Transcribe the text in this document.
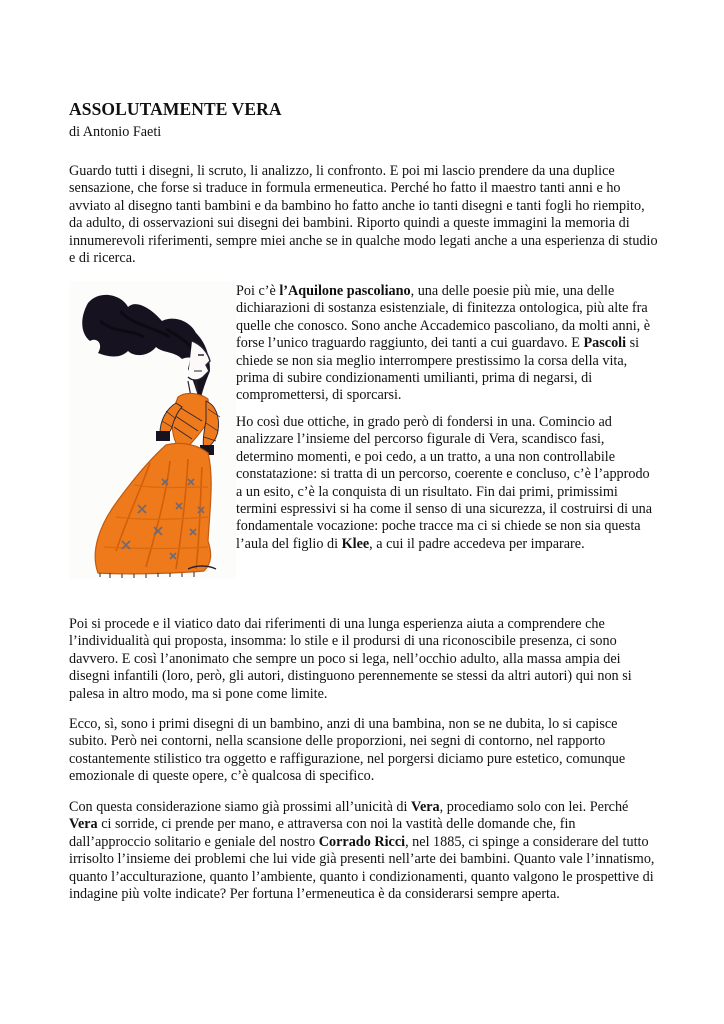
ASSOLUTAMENTE VERA
di Antonio Faeti

Guardo tutti i disegni, li scruto, li analizzo, li confronto. E poi mi lascio prendere da una duplice sensazione, che forse si traduce in formula ermeneutica. Perché ho fatto il maestro tanti anni e ho avviato al disegno tanti bambini e da bambino ho fatto anche io tanti disegni e tanti fogli ho riempito, da adulto, di osservazioni sui disegni dei bambini. Riporto quindi a queste immagini la memoria di innumerevoli riferimenti, sempre miei anche se in qualche modo legati anche a una esperienza di studio e di ricerca.

Poi c’è l’Aquilone pascoliano, una delle poesie più mie, una delle dichiarazioni di sostanza esistenziale, di finitezza ontologica, più alte fra quelle che conosco. Sono anche Accademico pascoliano, da molti anni, è forse l’unico traguardo raggiunto, dei tanti a cui guardavo. E Pascoli si chiede se non sia meglio interrompere prestissimo la corsa della vita, prima di subire condizionamenti umilianti, prima di negarsi, di compromettersi, di sporcarsi.

Ho così due ottiche, in grado però di fondersi in una. Comincio ad analizzare l’insieme del percorso figurale di Vera, scandisco fasi, determino momenti, e poi cedo, a un tratto, a una non controllabile constatazione: si tratta di un percorso, coerente e concluso, c’è l’approdo a un esito, c’è la conquista di un risultato. Fin dai primi, primissimi termini espressivi si ha come il senso di una sicurezza, il costruirsi di una fondamentale vocazione: poche tracce ma ci si chiede se non sia questa l’aula del figlio di Klee, a cui il padre accedeva per imparare.

Poi si procede e il viatico dato dai riferimenti di una lunga esperienza aiuta a comprendere che l’individualità qui proposta, insomma: lo stile e il prodursi di una riconoscibile presenza, ci sono davvero. E così l’anonimato che sempre un poco si lega, nell’occhio adulto, alla massa ampia dei disegni infantili (loro, però, gli autori, distinguono perennemente se stessi da altri autori) qui non si palesa in altro modo, ma si pone come limite.

Ecco, sì, sono i primi disegni di un bambino, anzi di una bambina, non se ne dubita, lo si capisce subito. Però nei contorni, nella scansione delle proporzioni, nei segni di contorno, nel rapporto costantemente stilistico tra oggetto e raffigurazione, nel porgersi diciamo pure estetico, comunque emozionale di queste opere, c’è qualcosa di specifico.

Con questa considerazione siamo già prossimi all’unicità di Vera, procediamo solo con lei. Perché Vera ci sorride, ci prende per mano, e attraversa con noi la vastità delle domande che, fin dall’approccio solitario e geniale del nostro Corrado Ricci, nel 1885, ci spinge a considerare del tutto irrisolto l’insieme dei problemi che lui vide già presenti nell’arte dei bambini. Quanto vale l’innatismo, quanto l’acculturazione, quanto l’ambiente, quanto i condizionamenti, quanto valgono le prospettive di indagine più volte indicate? Per fortuna l’ermeneutica è da considerarsi sempre aperta.
